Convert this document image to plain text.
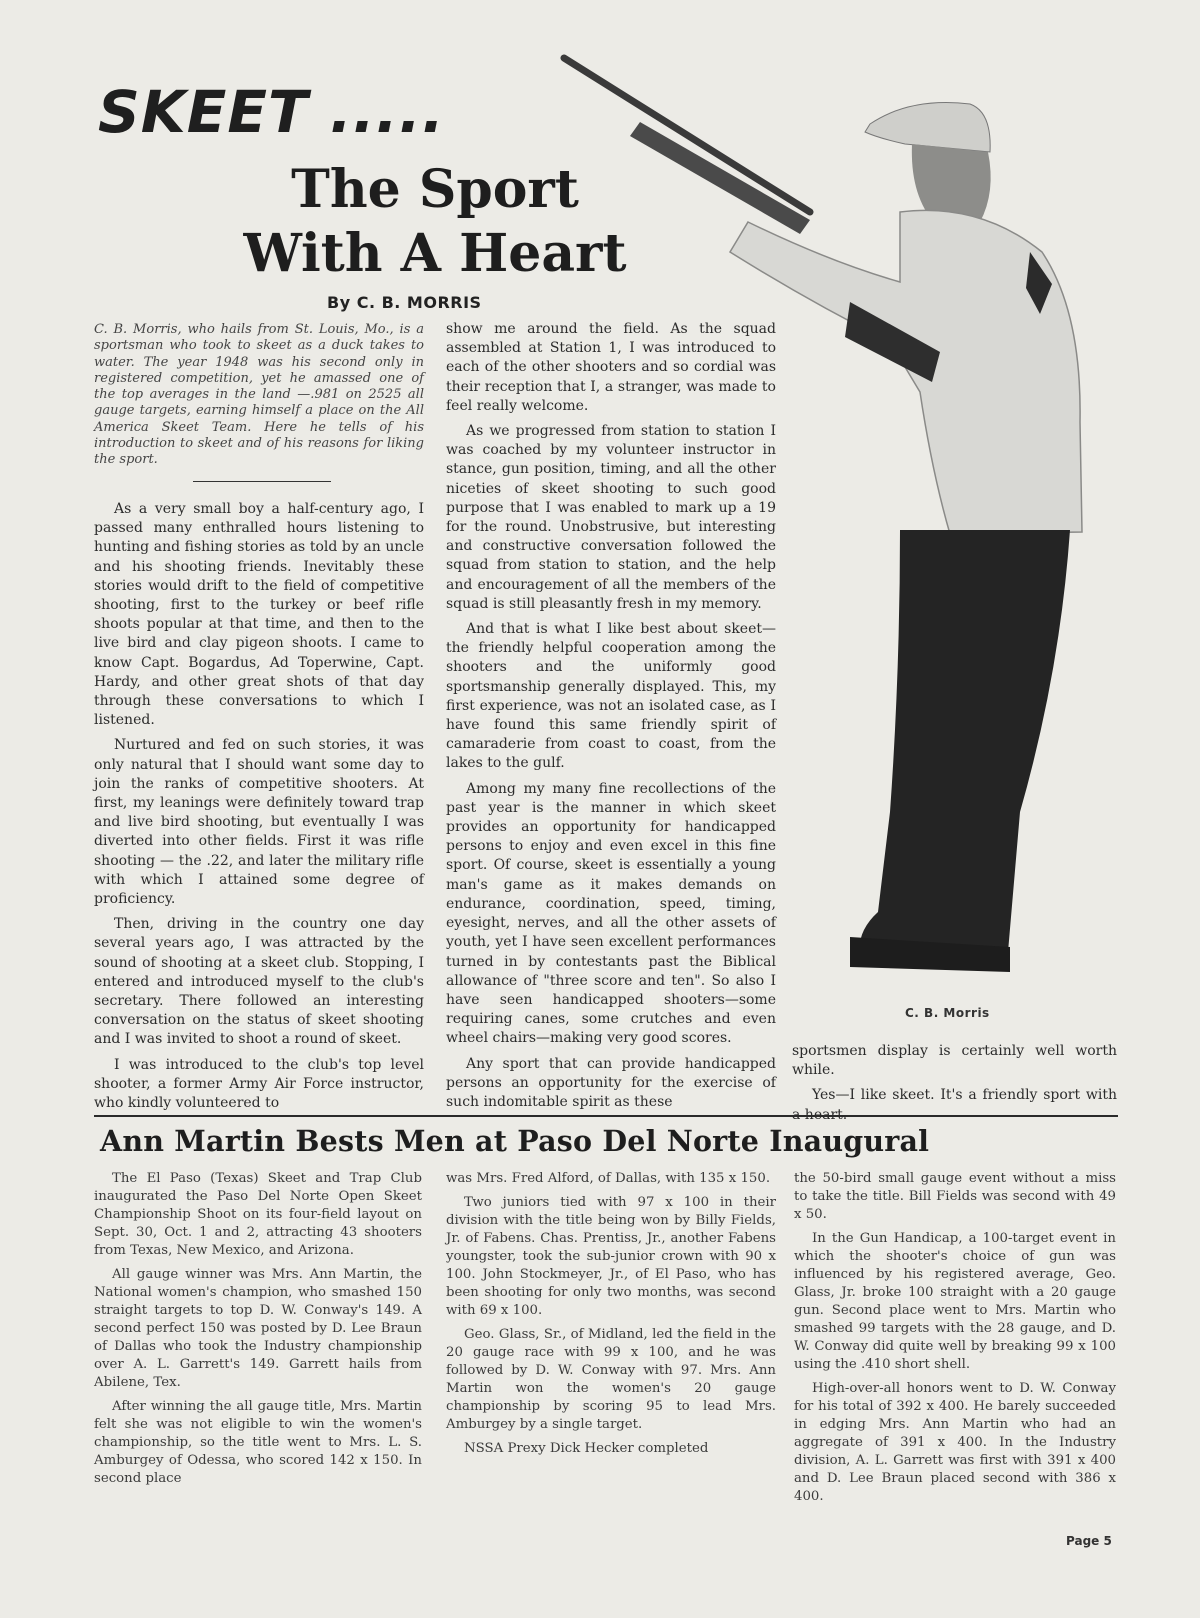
SKEET .....
The Sport
With A Heart
By C. B. MORRIS
C. B. Morris

C. B. Morris, who hails from St. Louis, Mo., is a sportsman who took to skeet as a duck takes to water. The year 1948 was his second only in registered competition, yet he amassed one of the top averages in the land —.981 on 2525 all gauge targets, earning himself a place on the All America Skeet Team. Here he tells of his introduction to skeet and of his reasons for liking the sport.

As a very small boy a half-century ago, I passed many enthralled hours listening to hunting and fishing stories as told by an uncle and his shooting friends. Inevitably these stories would drift to the field of competitive shooting, first to the turkey or beef rifle shoots popular at that time, and then to the live bird and clay pigeon shoots. I came to know Capt. Bogardus, Ad Toperwine, Capt. Hardy, and other great shots of that day through these conversations to which I listened.

Nurtured and fed on such stories, it was only natural that I should want some day to join the ranks of competitive shooters. At first, my leanings were definitely toward trap and live bird shooting, but eventually I was diverted into other fields. First it was rifle shooting — the .22, and later the military rifle with which I attained some degree of proficiency.

Then, driving in the country one day several years ago, I was attracted by the sound of shooting at a skeet club. Stopping, I entered and introduced myself to the club's secretary. There followed an interesting conversation on the status of skeet shooting and I was invited to shoot a round of skeet.

I was introduced to the club's top level shooter, a former Army Air Force instructor, who kindly volunteered to

show me around the field. As the squad assembled at Station 1, I was introduced to each of the other shooters and so cordial was their reception that I, a stranger, was made to feel really welcome.

As we progressed from station to station I was coached by my volunteer instructor in stance, gun position, timing, and all the other niceties of skeet shooting to such good purpose that I was enabled to mark up a 19 for the round. Unobstrusive, but interesting and constructive conversation followed the squad from station to station, and the help and encouragement of all the members of the squad is still pleasantly fresh in my memory.

And that is what I like best about skeet—the friendly helpful cooperation among the shooters and the uniformly good sportsmanship generally displayed. This, my first experience, was not an isolated case, as I have found this same friendly spirit of camaraderie from coast to coast, from the lakes to the gulf.

Among my many fine recollections of the past year is the manner in which skeet provides an opportunity for handicapped persons to enjoy and even excel in this fine sport. Of course, skeet is essentially a young man's game as it makes demands on endurance, coordination, speed, timing, eyesight, nerves, and all the other assets of youth, yet I have seen excellent performances turned in by contestants past the Biblical allowance of "three score and ten". So also I have seen handicapped shooters—some requiring canes, some crutches and even wheel chairs—making very good scores.

Any sport that can provide handicapped persons an opportunity for the exercise of such indomitable spirit as these

sportsmen display is certainly well worth while.

Yes—I like skeet. It's a friendly sport with

Ann Martin Bests Men at Paso Del Norte Inaugural

The El Paso (Texas) Skeet and Trap Club inaugurated the Paso Del Norte Open Skeet Championship Shoot on its four-field layout on Sept. 30, Oct. 1 and 2, attracting 43 shooters from Texas, New Mexico, and Arizona.

All gauge winner was Mrs. Ann Martin, the National women's champion, who smashed 150 straight targets to top D. W. Conway's 149. A second perfect 150 was posted by D. Lee Braun of Dallas who took the Industry championship over A. L. Garrett's 149. Garrett hails from Abilene, Tex.

After winning the all gauge title, Mrs. Martin felt she was not eligible to win the women's championship, so the title went to Mrs. L. S. Amburgey of Odessa, who scored 142 x 150. In second place

was Mrs. Fred Alford, of Dallas, with 135 x 150.

Two juniors tied with 97 x 100 in their division with the title being won by Billy Fields, Jr. of Fabens. Chas. Prentiss, Jr., another Fabens youngster, took the sub-junior crown with 90 x 100. John Stockmeyer, Jr., of El Paso, who has been shooting for only two months, was second with 69 x 100.

Geo. Glass, Sr., of Midland, led the field in the 20 gauge race with 99 x 100, and he was followed by D. W. Conway with 97. Mrs. Ann Martin won the women's 20 gauge championship by scoring 95 to lead Mrs. Amburgey by a single target.

NSSA Prexy Dick Hecker completed

the 50-bird small gauge event without a miss to take the title. Bill Fields was second with 49 x 50.

In the Gun Handicap, a 100-target event in which the shooter's choice of gun was influenced by his registered average, Geo. Glass, Jr. broke 100 straight with a 20 gauge gun. Second place went to Mrs. Martin who smashed 99 targets with the 28 gauge, and D. W. Conway did quite well by breaking 99 x 100 using the .410 short shell.

High-over-all honors went to D. W. Conway for his total of 392 x 400. He barely succeeded in edging Mrs. Ann Martin who had an aggregate of 391 x 400. In the Industry division, A. L. Garrett was first with 391 x 400 and D. Lee Braun placed second with 386 x 400.

Page 5
